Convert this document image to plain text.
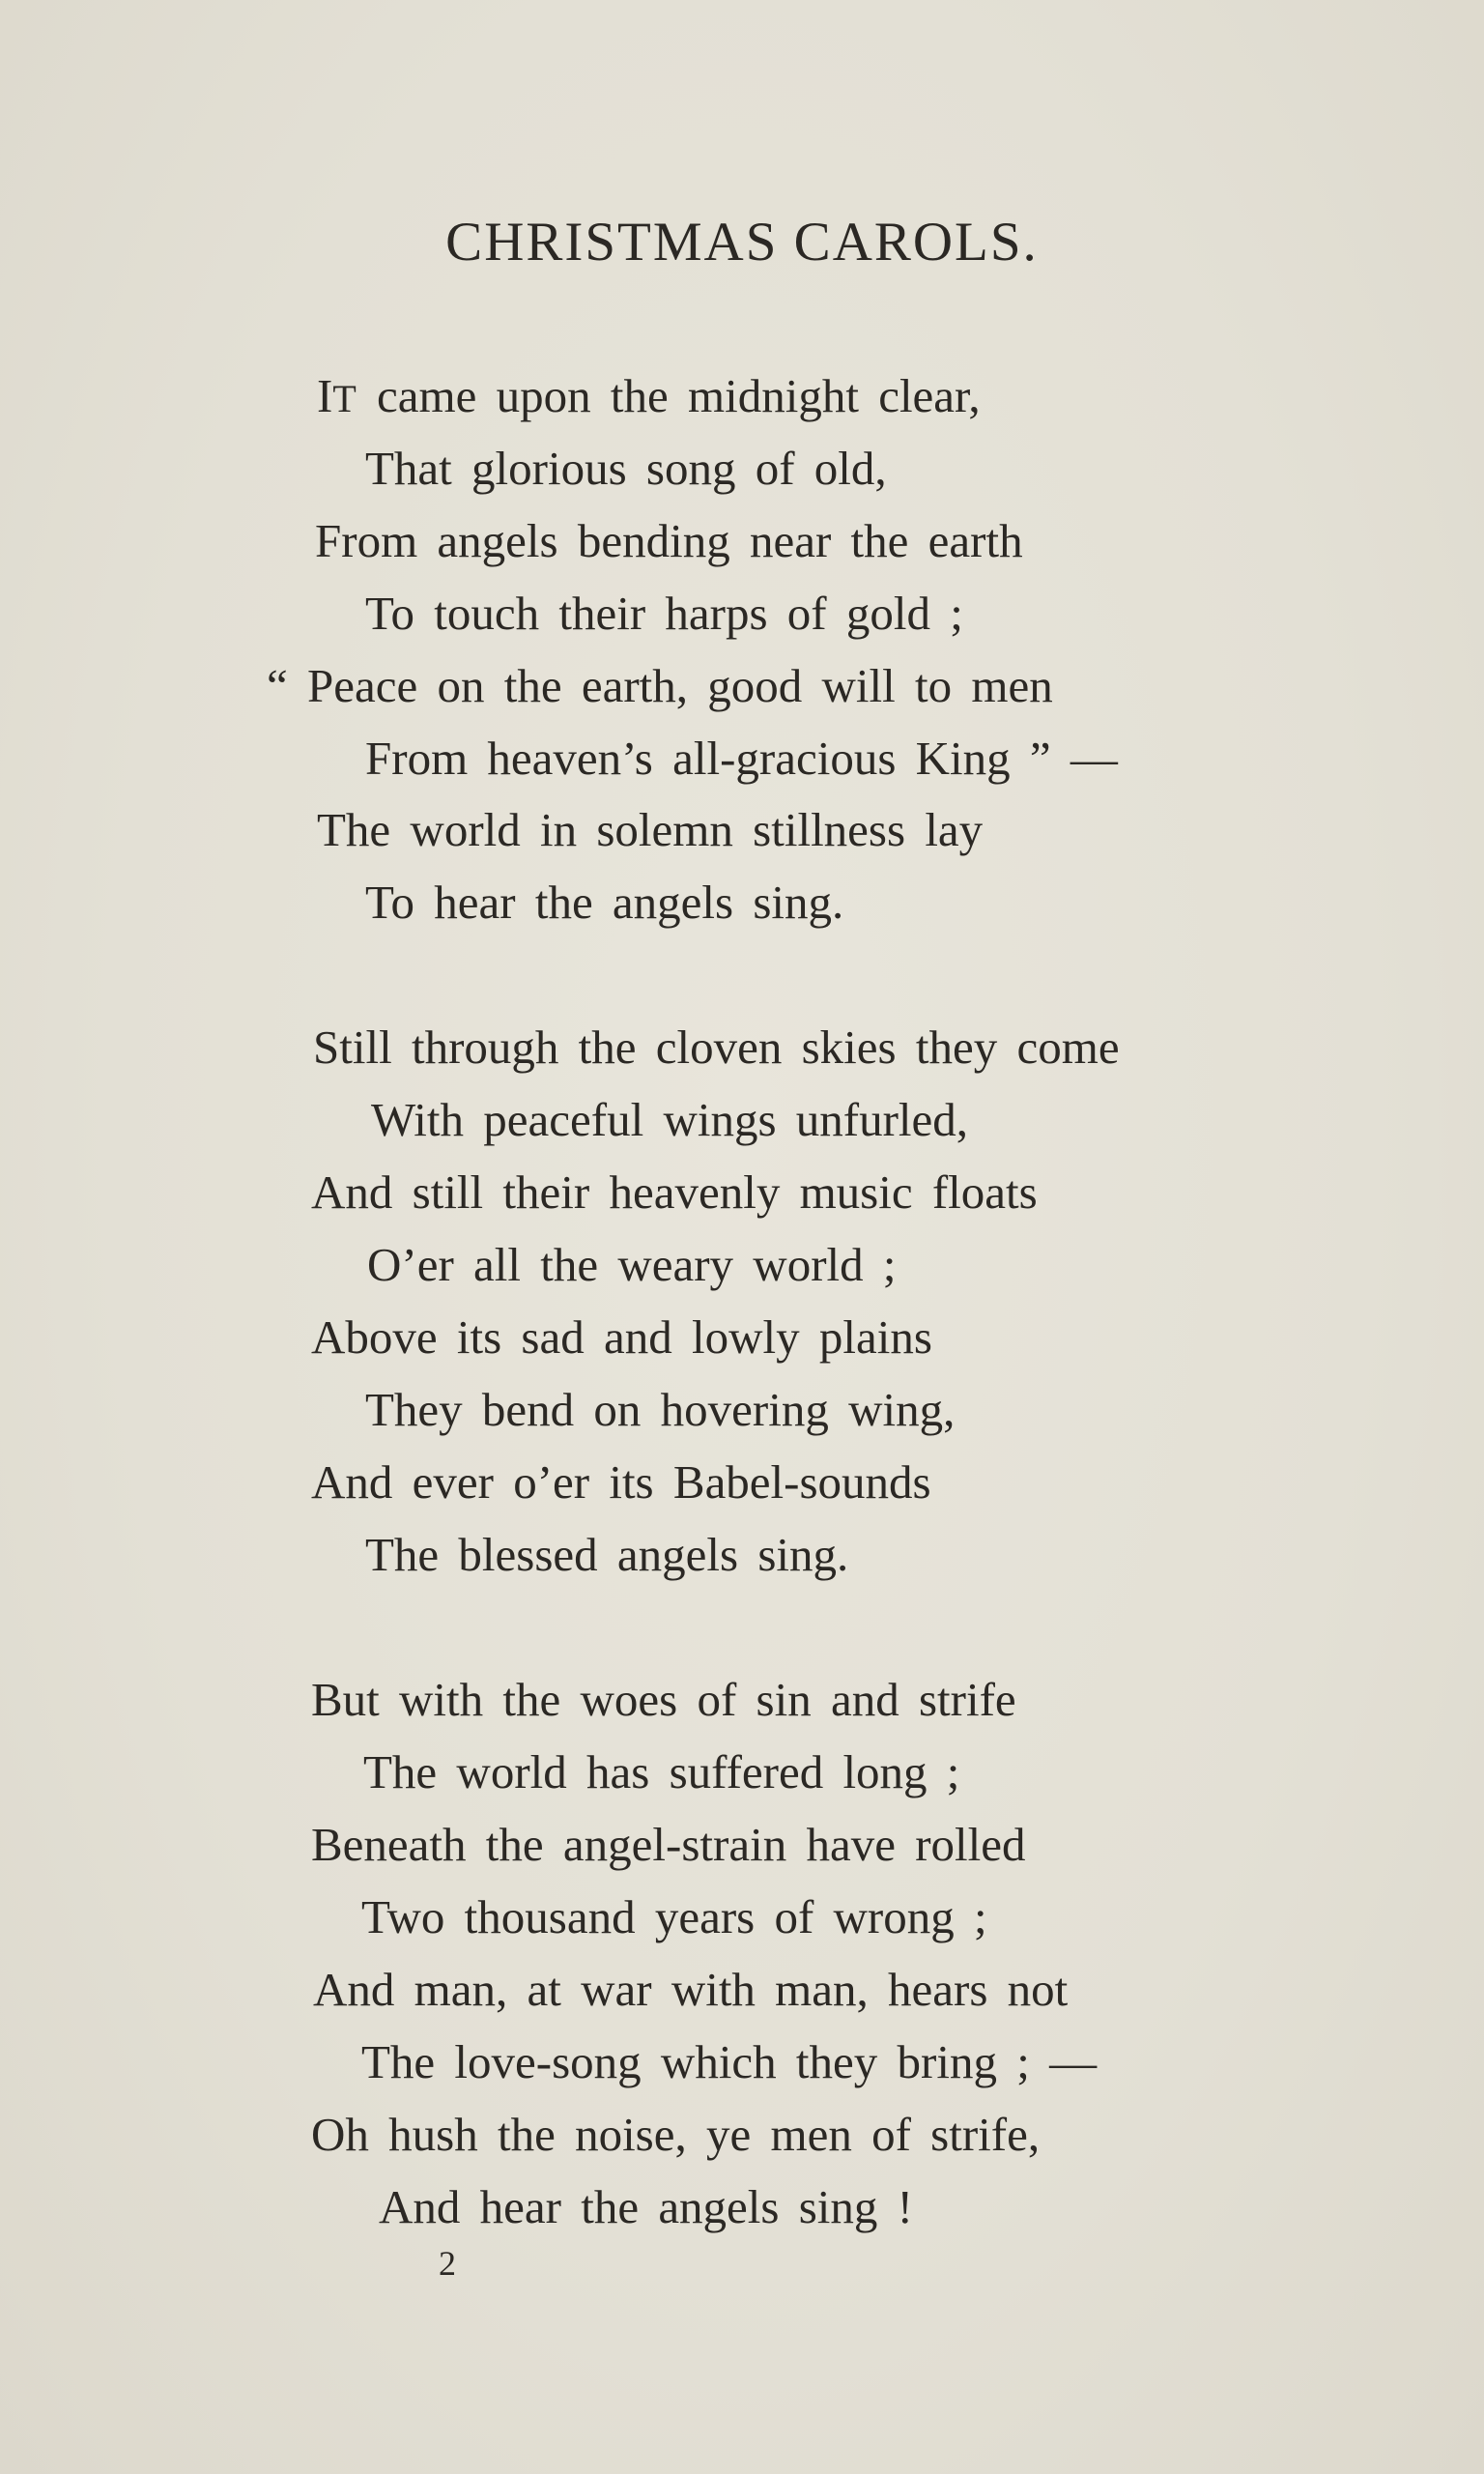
CHRISTMAS CAROLS.
IT came upon the midnight clear,
That glorious song of old,
From angels bending near the earth
To touch their harps of gold ;
“ Peace on the earth, good will to men
From heaven’s all-gracious King ” —
The world in solemn stillness lay
To hear the angels sing.
Still through the cloven skies they come
With peaceful wings unfurled,
And still their heavenly music floats
O’er all the weary world ;
Above its sad and lowly plains
They bend on hovering wing,
And ever o’er its Babel-sounds
The blessed angels sing.
But with the woes of sin and strife
The world has suffered long ;
Beneath the angel-strain have rolled
Two thousand years of wrong ;
And man, at war with man, hears not
The love-song which they bring ; —
Oh hush the noise, ye men of strife,
And hear the angels sing !
2
